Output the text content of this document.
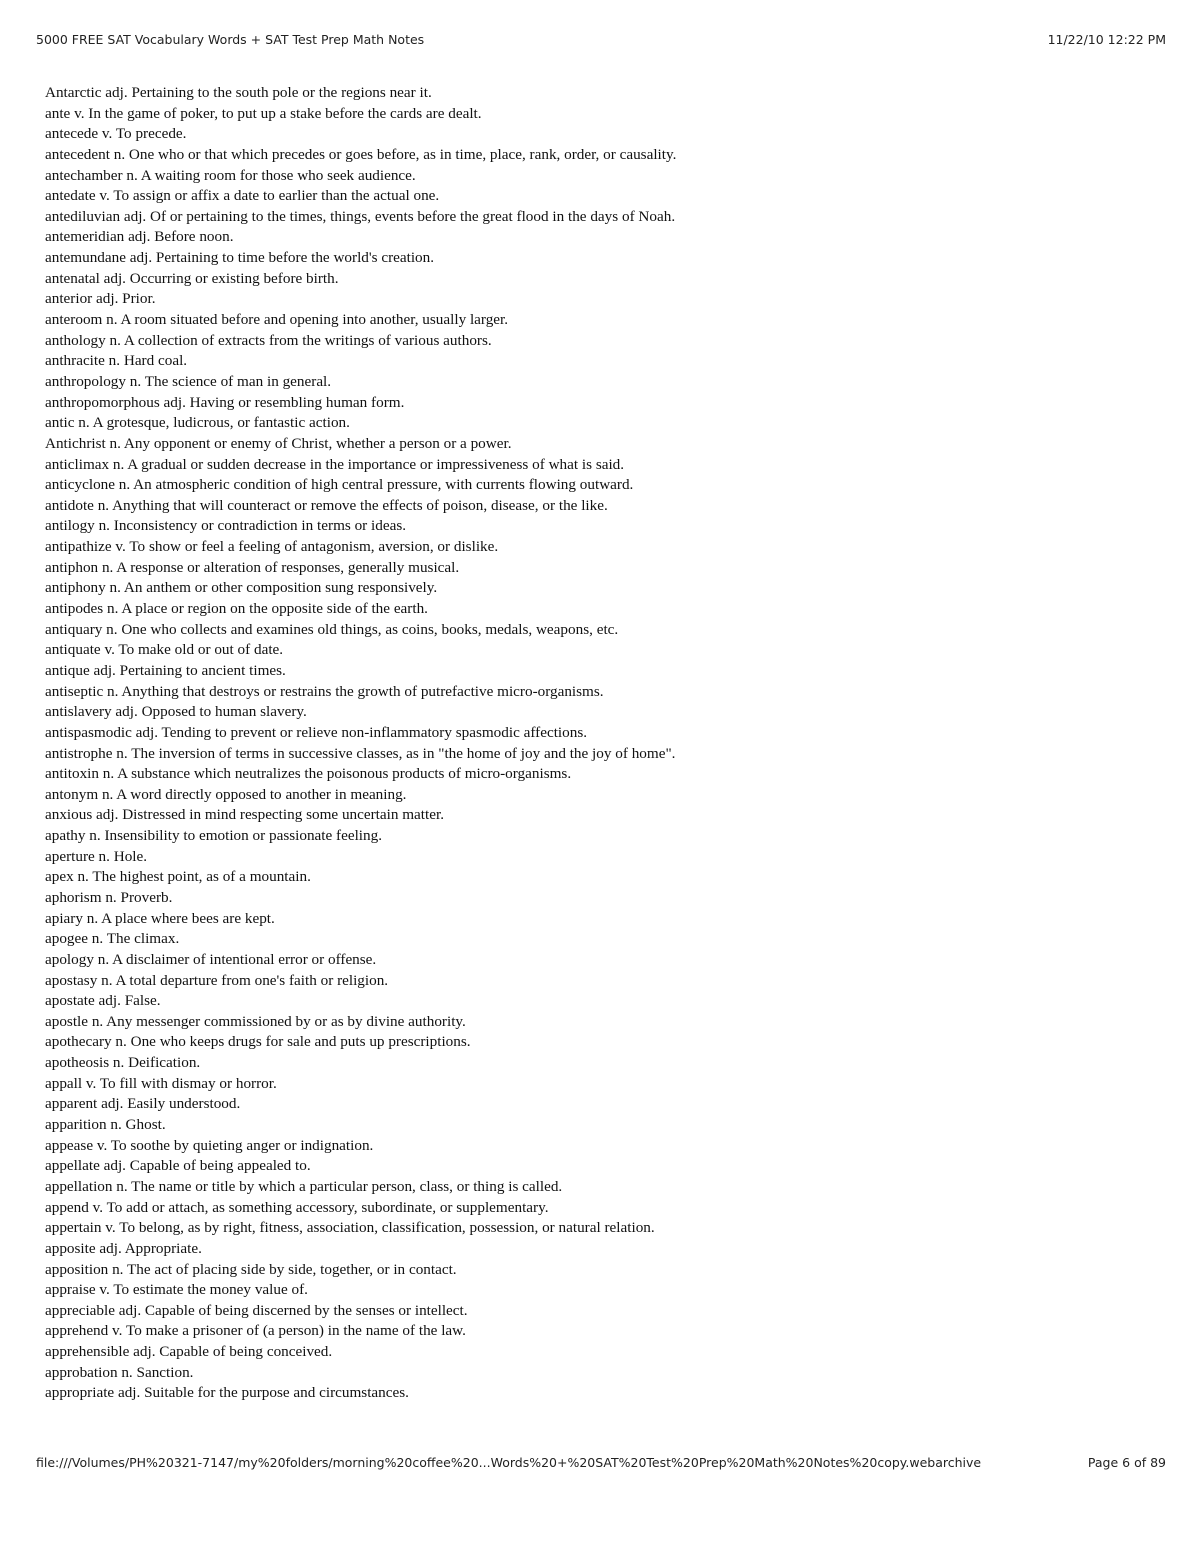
5000 FREE SAT Vocabulary Words + SAT Test Prep Math Notes	11/22/10 12:22 PM
Antarctic adj. Pertaining to the south pole or the regions near it.
ante v. In the game of poker, to put up a stake before the cards are dealt.
antecede v. To precede.
antecedent n. One who or that which precedes or goes before, as in time, place, rank, order, or causality.
antechamber n. A waiting room for those who seek audience.
antedate v. To assign or affix a date to earlier than the actual one.
antediluvian adj. Of or pertaining to the times, things, events before the great flood in the days of Noah.
antemeridian adj. Before noon.
antemundane adj. Pertaining to time before the world's creation.
antenatal adj. Occurring or existing before birth.
anterior adj. Prior.
anteroom n. A room situated before and opening into another, usually larger.
anthology n. A collection of extracts from the writings of various authors.
anthracite n. Hard coal.
anthropology n. The science of man in general.
anthropomorphous adj. Having or resembling human form.
antic n. A grotesque, ludicrous, or fantastic action.
Antichrist n. Any opponent or enemy of Christ, whether a person or a power.
anticlimax n. A gradual or sudden decrease in the importance or impressiveness of what is said.
anticyclone n. An atmospheric condition of high central pressure, with currents flowing outward.
antidote n. Anything that will counteract or remove the effects of poison, disease, or the like.
antilogy n. Inconsistency or contradiction in terms or ideas.
antipathize v. To show or feel a feeling of antagonism, aversion, or dislike.
antiphon n. A response or alteration of responses, generally musical.
antiphony n. An anthem or other composition sung responsively.
antipodes n. A place or region on the opposite side of the earth.
antiquary n. One who collects and examines old things, as coins, books, medals, weapons, etc.
antiquate v. To make old or out of date.
antique adj. Pertaining to ancient times.
antiseptic n. Anything that destroys or restrains the growth of putrefactive micro-organisms.
antislavery adj. Opposed to human slavery.
antispasmodic adj. Tending to prevent or relieve non-inflammatory spasmodic affections.
antistrophe n. The inversion of terms in successive classes, as in "the home of joy and the joy of home".
antitoxin n. A substance which neutralizes the poisonous products of micro-organisms.
antonym n. A word directly opposed to another in meaning.
anxious adj. Distressed in mind respecting some uncertain matter.
apathy n. Insensibility to emotion or passionate feeling.
aperture n. Hole.
apex n. The highest point, as of a mountain.
aphorism n. Proverb.
apiary n. A place where bees are kept.
apogee n. The climax.
apology n. A disclaimer of intentional error or offense.
apostasy n. A total departure from one's faith or religion.
apostate adj. False.
apostle n. Any messenger commissioned by or as by divine authority.
apothecary n. One who keeps drugs for sale and puts up prescriptions.
apotheosis n. Deification.
appall v. To fill with dismay or horror.
apparent adj. Easily understood.
apparition n. Ghost.
appease v. To soothe by quieting anger or indignation.
appellate adj. Capable of being appealed to.
appellation n. The name or title by which a particular person, class, or thing is called.
append v. To add or attach, as something accessory, subordinate, or supplementary.
appertain v. To belong, as by right, fitness, association, classification, possession, or natural relation.
apposite adj. Appropriate.
apposition n. The act of placing side by side, together, or in contact.
appraise v. To estimate the money value of.
appreciable adj. Capable of being discerned by the senses or intellect.
apprehend v. To make a prisoner of (a person) in the name of the law.
apprehensible adj. Capable of being conceived.
approbation n. Sanction.
appropriate adj. Suitable for the purpose and circumstances.
file:///Volumes/PH%20321-7147/my%20folders/morning%20coffee%20...Words%20+%20SAT%20Test%20Prep%20Math%20Notes%20copy.webarchive	Page 6 of 89
